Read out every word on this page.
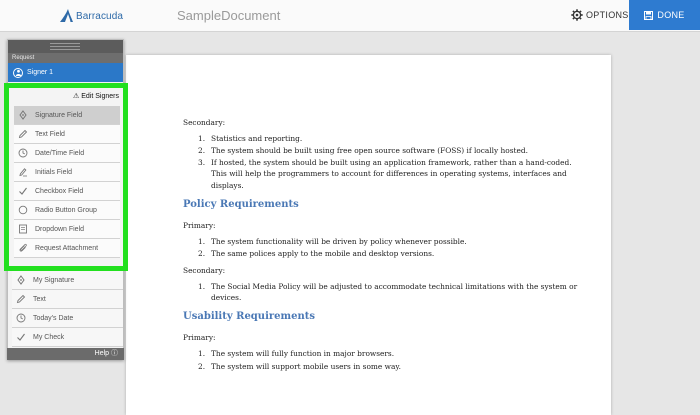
Barracuda	SampleDocument	OPTIONS	DONE

Secondary:

1. Statistics and reporting.
2. The system should be built using free open source software (FOSS) if locally hosted.
3. If hosted, the system should be built using an application framework, rather than a hand-coded. This will help the programmers to account for differences in operating systems, interfaces and displays.
Policy Requirements

Primary:

1. The system functionality will be driven by policy whenever possible.
2. The same polices apply to the mobile and desktop versions.

Secondary:

1. The Social Media Policy will be adjusted to accommodate technical limitations with the system or devices.
Usability Requirements

Primary:

1. The system will fully function in major browsers.
2. The system will support mobile users in some way.
Request
Signer 1
Help ⓘ
⚠ Edit Signers
Signature Field
Text Field
Date/Time Field
Initials Field
Checkbox Field
Radio Button Group
Dropdown Field
Request Attachment
My Signature
Text
Today's Date
My Check
